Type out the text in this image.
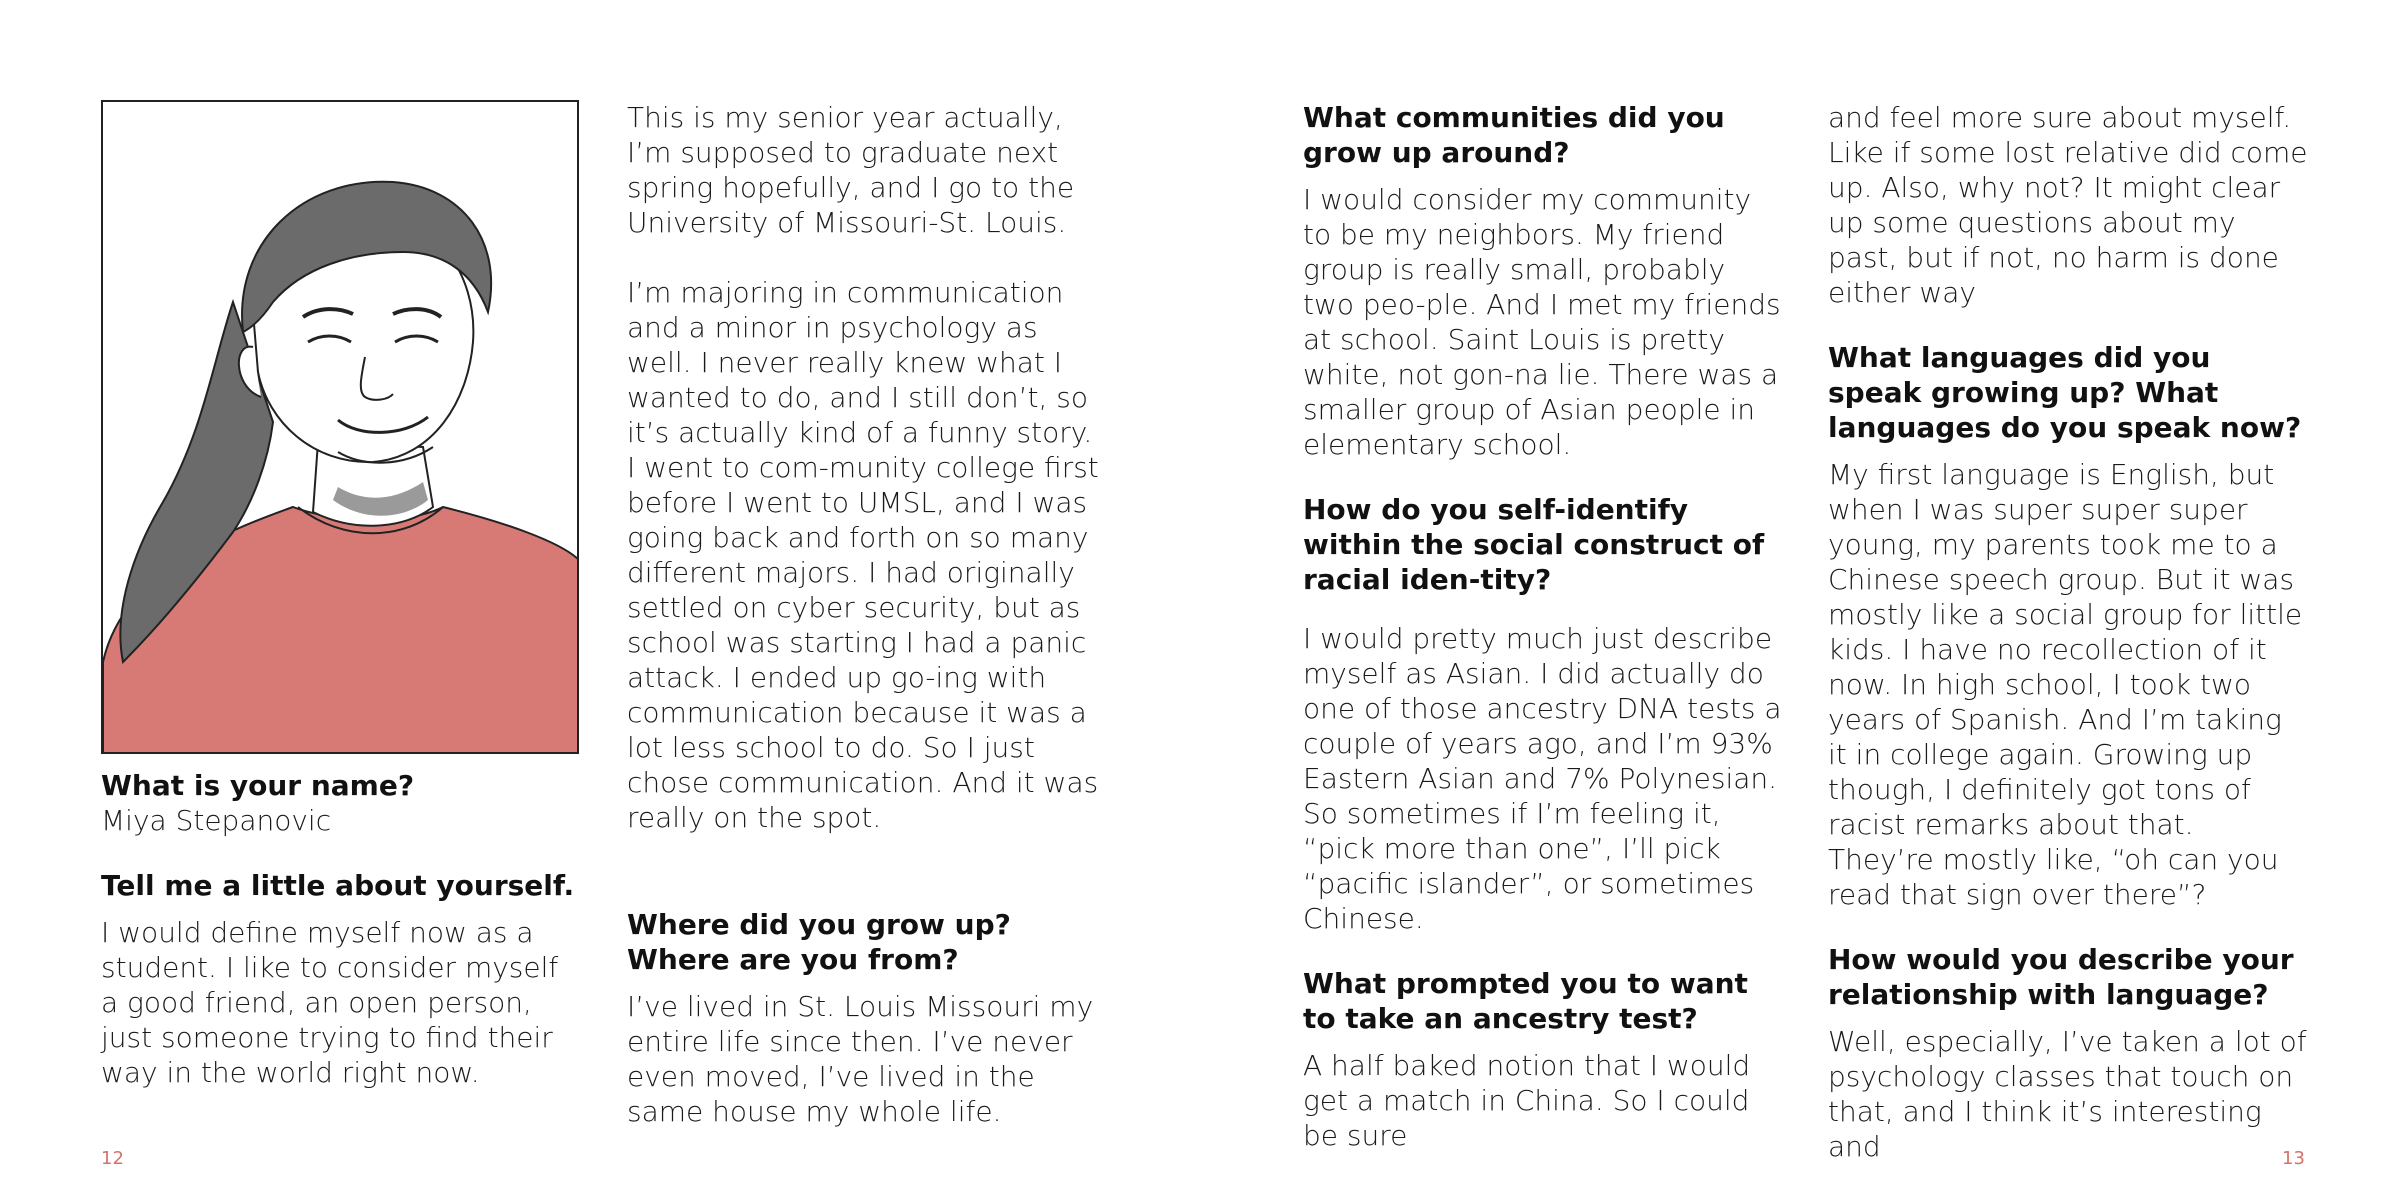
What is your name?

Miya Stepanovic

Tell me a little about yourself.

I would define myself now as a student. I like to consider myself a good friend, an open person, just someone trying to find their way in the world right now.

This is my senior year actually, I’m supposed to graduate next spring hopefully, and I go to the University of Missouri-St. Louis.

I’m majoring in communication and a minor in psychology as well. I never really knew what I wanted to do, and I still don’t, so it’s actually kind of a funny story. I went to com-munity college first before I went to UMSL, and I was going back and forth on so many different majors. I had originally settled on cyber security, but as school was starting I had a panic attack. I ended up go-ing with communication because it was a lot less school to do. So I just chose communication. And it was really on the spot.

Where did you grow up? Where are you from?

I’ve lived in St. Louis Missouri my entire life since then. I’ve never even moved, I’ve lived in the same house my whole life.

What communities did you grow up around?

I would consider my community to be my neighbors. My friend group is really small, probably two peo-ple. And I met my friends at school. Saint Louis is pretty white, not gon-na lie. There was a smaller group of Asian people in elementary school.

How do you self-identify within the social construct of racial iden-tity?

I would pretty much just describe myself as Asian. I did actually do one of those ancestry DNA tests a couple of years ago, and I’m 93% Eastern Asian and 7% Polynesian. So sometimes if I’m feeling it, “pick more than one”, I’ll pick “pacific islander”, or sometimes Chinese.

What prompted you to want to take an ancestry test?

A half baked notion that I would get a match in China. So I could be sure

and feel more sure about myself. Like if some lost relative did come up. Also, why not? It might clear up some questions about my past, but if not, no harm is done either way

What languages did you speak growing up? What languages do you speak now?

My first language is English, but when I was super super super young, my parents took me to a Chinese speech group. But it was mostly like a social group for little kids. I have no recollection of it now. In high school, I took two years of Spanish. And I’m taking it in college again. Growing up though, I definitely got tons of racist remarks about that. They’re mostly like, “oh can you read that sign over there”?

How would you describe your relationship with language?

Well, especially, I’ve taken a lot of psychology classes that touch on that, and I think it’s interesting and

12	13
